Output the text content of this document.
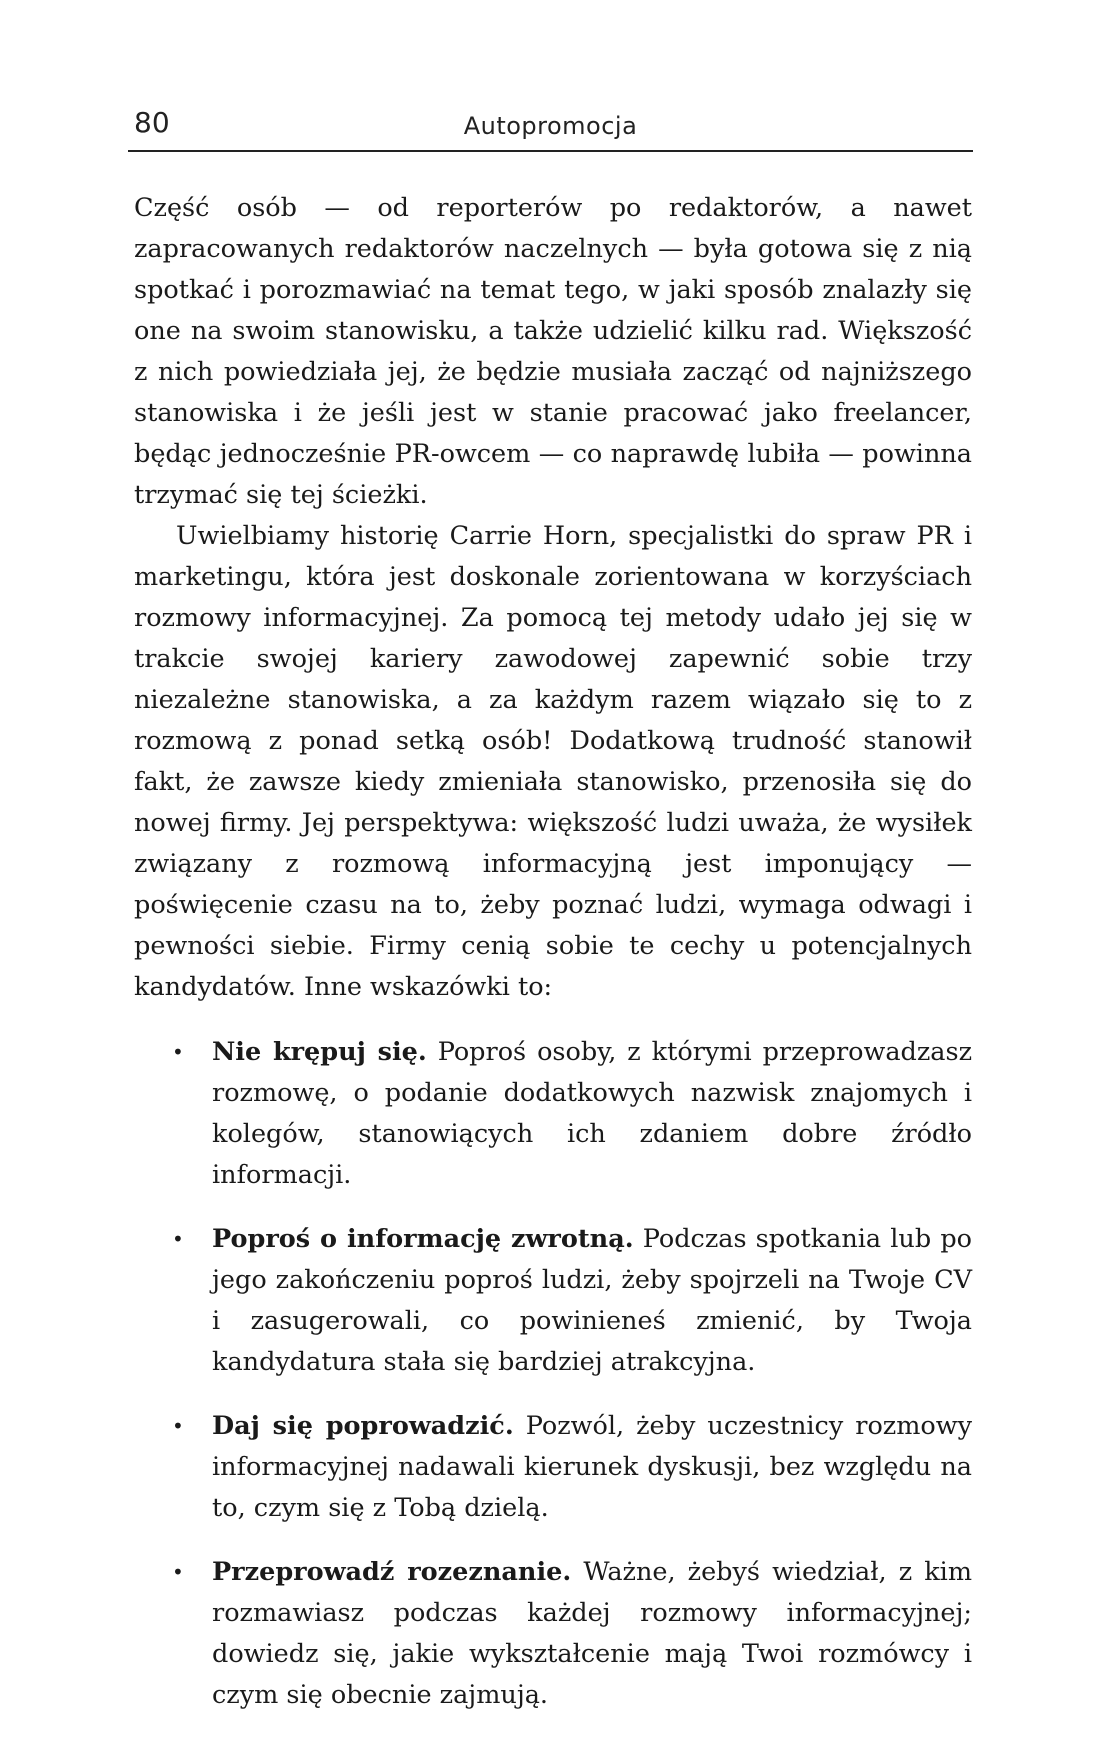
80	Autopromocja

Część osób — od reporterów po redaktorów, a nawet zapracowanych redaktorów naczelnych — była gotowa się z nią spotkać i porozmawiać na temat tego, w jaki sposób znalazły się one na swoim stanowisku, a także udzielić kilku rad. Większość z nich powiedziała jej, że będzie musiała zacząć od najniższego stanowiska i że jeśli jest w stanie pracować jako freelancer, będąc jednocześnie PR-owcem — co naprawdę lubiła — powinna trzymać się tej ścieżki.

Uwielbiamy historię Carrie Horn, specjalistki do spraw PR i marketingu, która jest doskonale zorientowana w korzyściach rozmowy informacyjnej. Za pomocą tej metody udało jej się w trakcie swojej kariery zawodowej zapewnić sobie trzy niezależne stanowiska, a za każdym razem wiązało się to z rozmową z ponad setką osób! Dodatkową trudność stanowił fakt, że zawsze kiedy zmieniała stanowisko, przenosiła się do nowej firmy. Jej perspektywa: większość ludzi uważa, że wysiłek związany z rozmową informacyjną jest imponujący — poświęcenie czasu na to, żeby poznać ludzi, wymaga odwagi i pewności siebie. Firmy cenią sobie te cechy u potencjalnych kandydatów. Inne wskazówki to:

• Nie krępuj się. Poproś osoby, z którymi przeprowadzasz rozmowę, o podanie dodatkowych nazwisk znajomych i kolegów, stanowiących ich zdaniem dobre źródło informacji.
• Poproś o informację zwrotną. Podczas spotkania lub po jego zakończeniu poproś ludzi, żeby spojrzeli na Twoje CV i zasugerowali, co powinieneś zmienić, by Twoja kandydatura stała się bardziej atrakcyjna.
• Daj się poprowadzić. Pozwól, żeby uczestnicy rozmowy informacyjnej nadawali kierunek dyskusji, bez względu na to, czym się z Tobą dzielą.
• Przeprowadź rozeznanie. Ważne, żebyś wiedział, z kim rozmawiasz podczas każdej rozmowy informacyjnej; dowiedz się, jakie wykształcenie mają Twoi rozmówcy i czym się obecnie zajmują.
